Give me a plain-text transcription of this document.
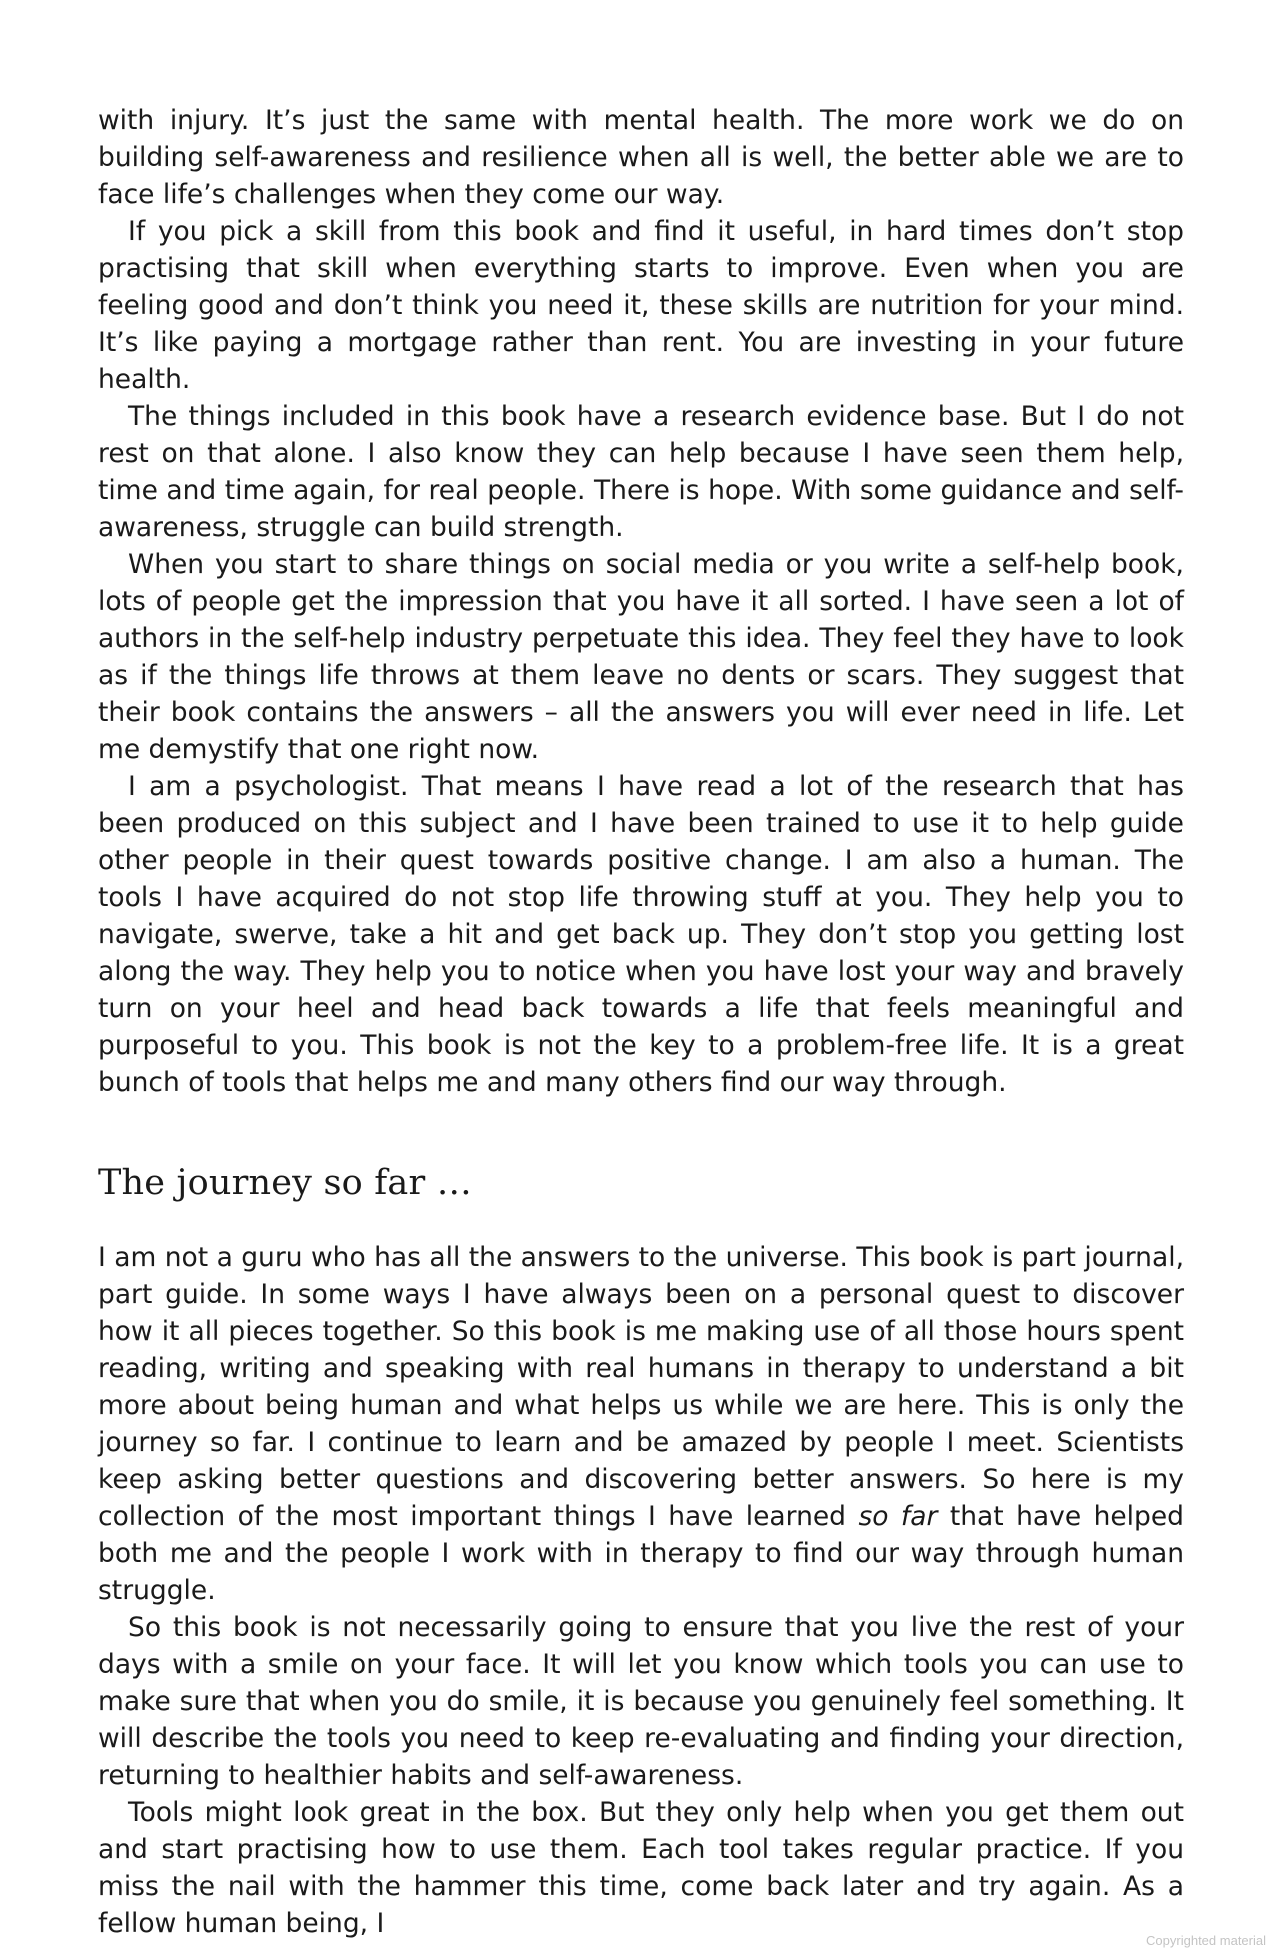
with injury. It’s just the same with mental health. The more work we do on building self-awareness and resilience when all is well, the better able we are to face life’s challenges when they come our way.

If you pick a skill from this book and find it useful, in hard times don’t stop practising that skill when everything starts to improve. Even when you are feeling good and don’t think you need it, these skills are nutrition for your mind. It’s like paying a mortgage rather than rent. You are investing in your future health.

The things included in this book have a research evidence base. But I do not rest on that alone. I also know they can help because I have seen them help, time and time again, for real people. There is hope. With some guidance and self-awareness, struggle can build strength.

When you start to share things on social media or you write a self-help book, lots of people get the impression that you have it all sorted. I have seen a lot of authors in the self-help industry perpetuate this idea. They feel they have to look as if the things life throws at them leave no dents or scars. They suggest that their book contains the answers – all the answers you will ever need in life. Let me demystify that one right now.

I am a psychologist. That means I have read a lot of the research that has been produced on this subject and I have been trained to use it to help guide other people in their quest towards positive change. I am also a human. The tools I have acquired do not stop life throwing stuff at you. They help you to navigate, swerve, take a hit and get back up. They don’t stop you getting lost along the way. They help you to notice when you have lost your way and bravely turn on your heel and head back towards a life that feels meaningful and purposeful to you. This book is not the key to a problem-free life. It is a great bunch of tools that helps me and many others find our way through.

The journey so far …

I am not a guru who has all the answers to the universe. This book is part journal, part guide. In some ways I have always been on a personal quest to discover how it all pieces together. So this book is me making use of all those hours spent reading, writing and speaking with real humans in therapy to understand a bit more about being human and what helps us while we are here. This is only the journey so far. I continue to learn and be amazed by people I meet. Scientists keep asking better questions and discovering better answers. So here is my collection of the most important things I have learned so far that have helped both me and the people I work with in therapy to find our way through human struggle.

So this book is not necessarily going to ensure that you live the rest of your days with a smile on your face. It will let you know which tools you can use to make sure that when you do smile, it is because you genuinely feel something. It will describe the tools you need to keep re-evaluating and finding your direction, returning to healthier habits and self-awareness.

Tools might look great in the box. But they only help when you get them out and start practising how to use them. Each tool takes regular practice. If you miss the nail with the hammer this time, come back later and try again. As a fellow human being, I

Copyrighted material
